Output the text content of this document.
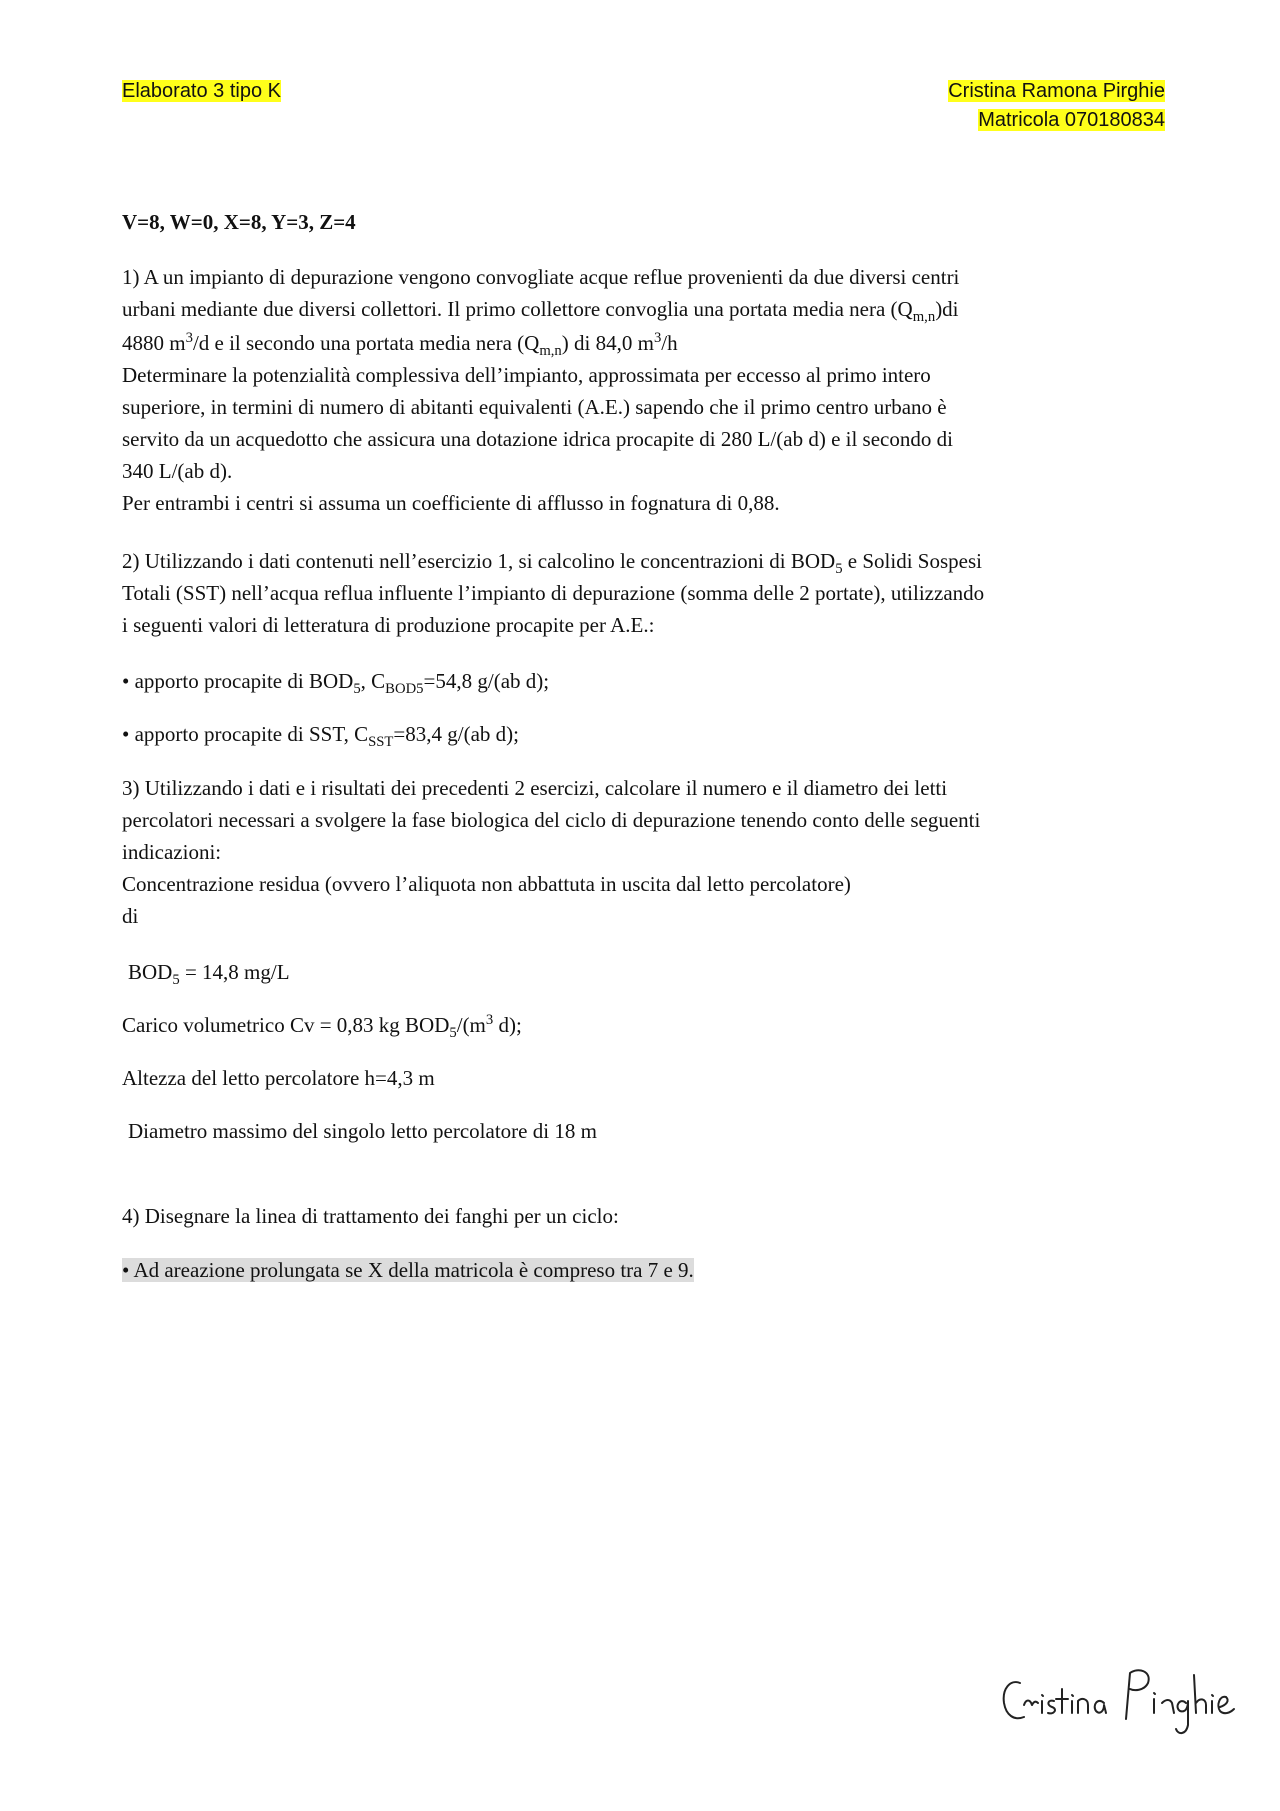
Elaborato 3 tipo K	Cristina Ramona Pirghie
Matricola 070180834

V=8, W=0, X=8, Y=3, Z=4

1) A un impianto di depurazione vengono convogliate acque reflue provenienti da due diversi centri

urbani mediante due diversi collettori. Il primo collettore convoglia una portata media nera $(Q_{m,n})di$

4880 $m^3/d$ e il secondo una portata media nera $(Q_{m,n})$ di 84,0 $m^3/h$

Determinare la potenzialità complessiva dell’impianto, approssimata per eccesso al primo intero

superiore, in termini di numero di abitanti equivalenti (A.E.) sapendo che il primo centro urbano è

servito da un acquedotto che assicura una dotazione idrica procapite di 280 L/(ab d) e il secondo di

340 L/(ab d).

Per entrambi i centri si assuma un coefficiente di afflusso in fognatura di 0,88.

2) Utilizzando i dati contenuti nell’esercizio 1, si calcolino le concentrazioni di $BOD_5$ e Solidi Sospesi

Totali (SST) nell’acqua reflua influente l’impianto di depurazione (somma delle 2 portate), utilizzando

i seguenti valori di letteratura di produzione procapite per A.E.:

• apporto procapite di $BOD_5$, $C_{BOD5}=54,8$ g/(ab d);

• apporto procapite di SST, $C_{SST}=83,4$ g/(ab d);

3) Utilizzando i dati e i risultati dei precedenti 2 esercizi, calcolare il numero e il diametro dei letti

percolatori necessari a svolgere la fase biologica del ciclo di depurazione tenendo conto delle seguenti

indicazioni:

Concentrazione residua (ovvero l’aliquota non abbattuta in uscita dal letto percolatore)

di

$BOD_5 = 14,8$ mg/L

Carico volumetrico Cv = 0,83 kg $BOD_5/(m^3$ d);

Altezza del letto percolatore h=4,3 m

Diametro massimo del singolo letto percolatore di 18 m

4) Disegnare la linea di trattamento dei fanghi per un ciclo:

• Ad areazione prolungata se X della matricola è compreso tra 7 e 9.
